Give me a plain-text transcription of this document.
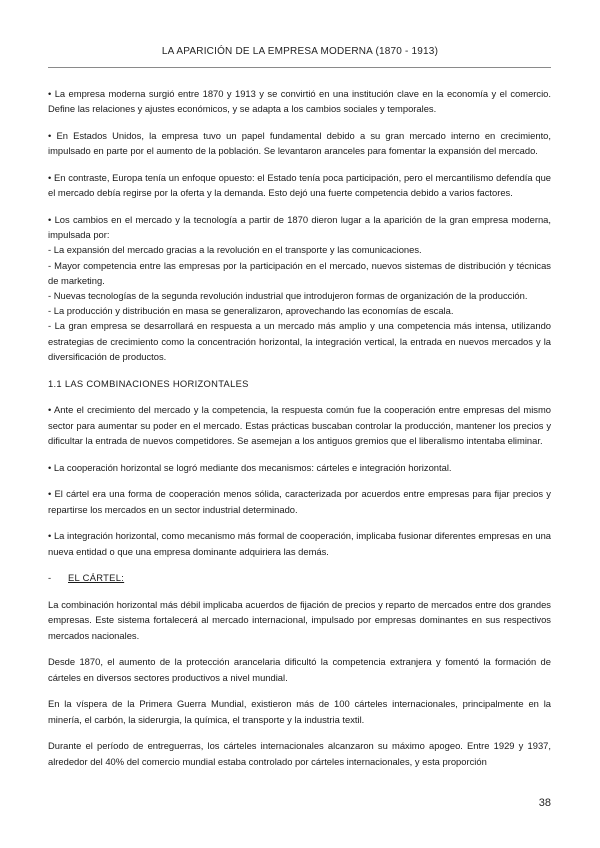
LA APARICIÓN DE LA EMPRESA MODERNA (1870 - 1913)

• La empresa moderna surgió entre 1870 y 1913 y se convirtió en una institución clave en la economía y el comercio. Define las relaciones y ajustes económicos, y se adapta a los cambios sociales y temporales.

• En Estados Unidos, la empresa tuvo un papel fundamental debido a su gran mercado interno en crecimiento, impulsado en parte por el aumento de la población. Se levantaron aranceles para fomentar la expansión del mercado.

• En contraste, Europa tenía un enfoque opuesto: el Estado tenía poca participación, pero el mercantilismo defendía que el mercado debía regirse por la oferta y la demanda. Esto dejó una fuerte competencia debido a varios factores.

• Los cambios en el mercado y la tecnología a partir de 1870 dieron lugar a la aparición de la gran empresa moderna, impulsada por:

- La expansión del mercado gracias a la revolución en el transporte y las comunicaciones.

- Mayor competencia entre las empresas por la participación en el mercado, nuevos sistemas de distribución y técnicas de marketing.

- Nuevas tecnologías de la segunda revolución industrial que introdujeron formas de organización de la producción.

- La producción y distribución en masa se generalizaron, aprovechando las economías de escala.

- La gran empresa se desarrollará en respuesta a un mercado más amplio y una competencia más intensa, utilizando estrategias de crecimiento como la concentración horizontal, la integración vertical, la entrada en nuevos mercados y la diversificación de productos.

1.1 LAS COMBINACIONES HORIZONTALES

• Ante el crecimiento del mercado y la competencia, la respuesta común fue la cooperación entre empresas del mismo sector para aumentar su poder en el mercado. Estas prácticas buscaban controlar la producción, mantener los precios y dificultar la entrada de nuevos competidores. Se asemejan a los antiguos gremios que el liberalismo intentaba eliminar.

• La cooperación horizontal se logró mediante dos mecanismos: cárteles e integración horizontal.

• El cártel era una forma de cooperación menos sólida, caracterizada por acuerdos entre empresas para fijar precios y repartirse los mercados en un sector industrial determinado.

• La integración horizontal, como mecanismo más formal de cooperación, implicaba fusionar diferentes empresas en una nueva entidad o que una empresa dominante adquiriera las demás.

- EL CÁRTEL:

La combinación horizontal más débil implicaba acuerdos de fijación de precios y reparto de mercados entre dos grandes empresas. Este sistema fortalecerá al mercado internacional, impulsado por empresas dominantes en sus respectivos mercados nacionales.

Desde 1870, el aumento de la protección arancelaria dificultó la competencia extranjera y fomentó la formación de cárteles en diversos sectores productivos a nivel mundial.

En la víspera de la Primera Guerra Mundial, existieron más de 100 cárteles internacionales, principalmente en la minería, el carbón, la siderurgia, la química, el transporte y la industria textil.

Durante el período de entreguerras, los cárteles internacionales alcanzaron su máximo apogeo. Entre 1929 y 1937, alrededor del 40% del comercio mundial estaba controlado por cárteles internacionales, y esta proporción

38
